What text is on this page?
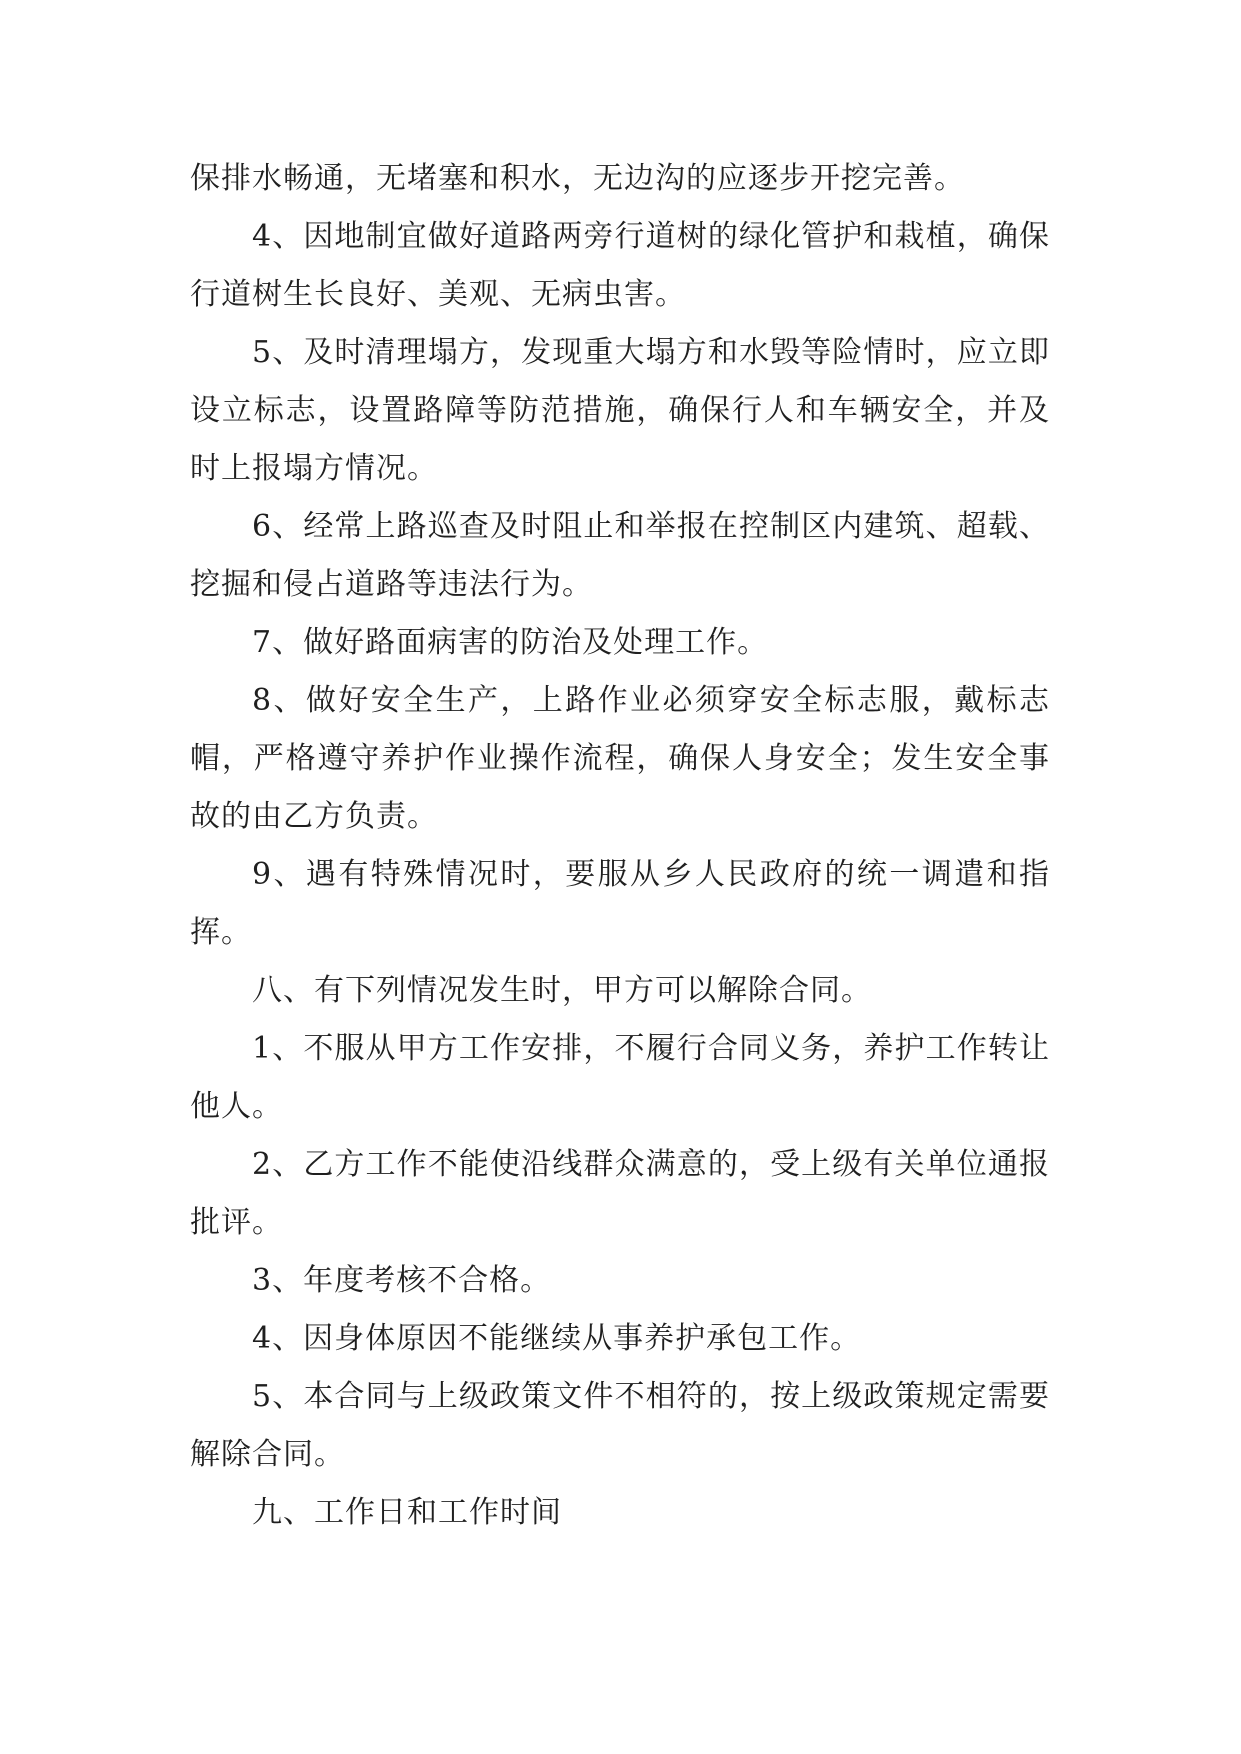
保排水畅通，无堵塞和积水，无边沟的应逐步开挖完善。

4、因地制宜做好道路两旁行道树的绿化管护和栽植，确保行道树生长良好、美观、无病虫害。

5、及时清理塌方，发现重大塌方和水毁等险情时，应立即设立标志，设置路障等防范措施，确保行人和车辆安全，并及时上报塌方情况。

6、经常上路巡查及时阻止和举报在控制区内建筑、超载、挖掘和侵占道路等违法行为。

7、做好路面病害的防治及处理工作。

8、做好安全生产，上路作业必须穿安全标志服，戴标志帽，严格遵守养护作业操作流程，确保人身安全；发生安全事故的由乙方负责。

9、遇有特殊情况时，要服从乡人民政府的统一调遣和指挥。

八、有下列情况发生时，甲方可以解除合同。

1、不服从甲方工作安排，不履行合同义务，养护工作转让他人。

2、乙方工作不能使沿线群众满意的，受上级有关单位通报批评。

3、年度考核不合格。

4、因身体原因不能继续从事养护承包工作。

5、本合同与上级政策文件不相符的，按上级政策规定需要解除合同。

九、工作日和工作时间
